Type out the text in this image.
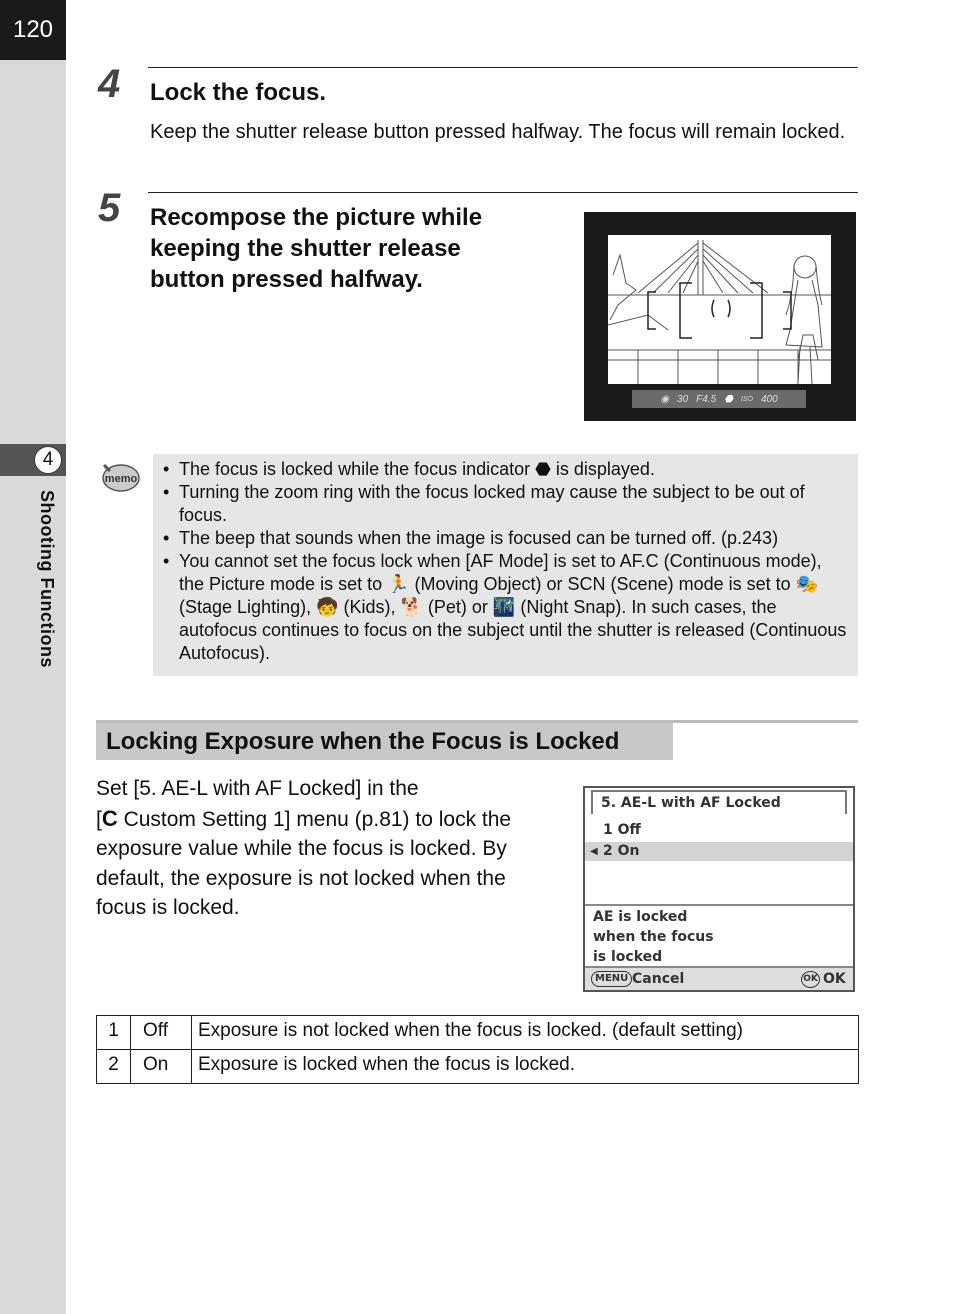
120
4
Shooting Functions
4 Lock the focus.
Keep the shutter release button pressed halfway. The focus will remain locked.
5 Recompose the picture while
keeping the shutter release
button pressed halfway.
◉ 30 F4.5 ⬣ ISO 400
memo • The focus is locked while the focus indicator ⬣ is displayed.
• Turning the zoom ring with the focus locked may cause the subject to be out of focus.
• The beep that sounds when the image is focused can be turned off. (p.243)
• You cannot set the focus lock when [AF Mode] is set to AF.C (Continuous mode), the Picture mode is set to 🏃 (Moving Object) or SCN (Scene) mode is set to 🎭 (Stage Lighting), 🧒 (Kids), 🐕 (Pet) or 🌃 (Night Snap). In such cases, the autofocus continues to focus on the subject until the shutter is released (Continuous Autofocus).
Locking Exposure when the Focus is Locked
Set [5. AE-L with AF Locked] in the
[C Custom Setting 1] menu (p.81) to lock the
exposure value while the focus is locked. By
default, the exposure is not locked when the
focus is locked.
5. AE-L with AF Locked
1 Off
◀ 2 On
AE is locked
when the focus
is locked
MENU Cancel	OK OK
1	Off	Exposure is not locked when the focus is locked. (default setting)
2	On	Exposure is locked when the focus is locked.
